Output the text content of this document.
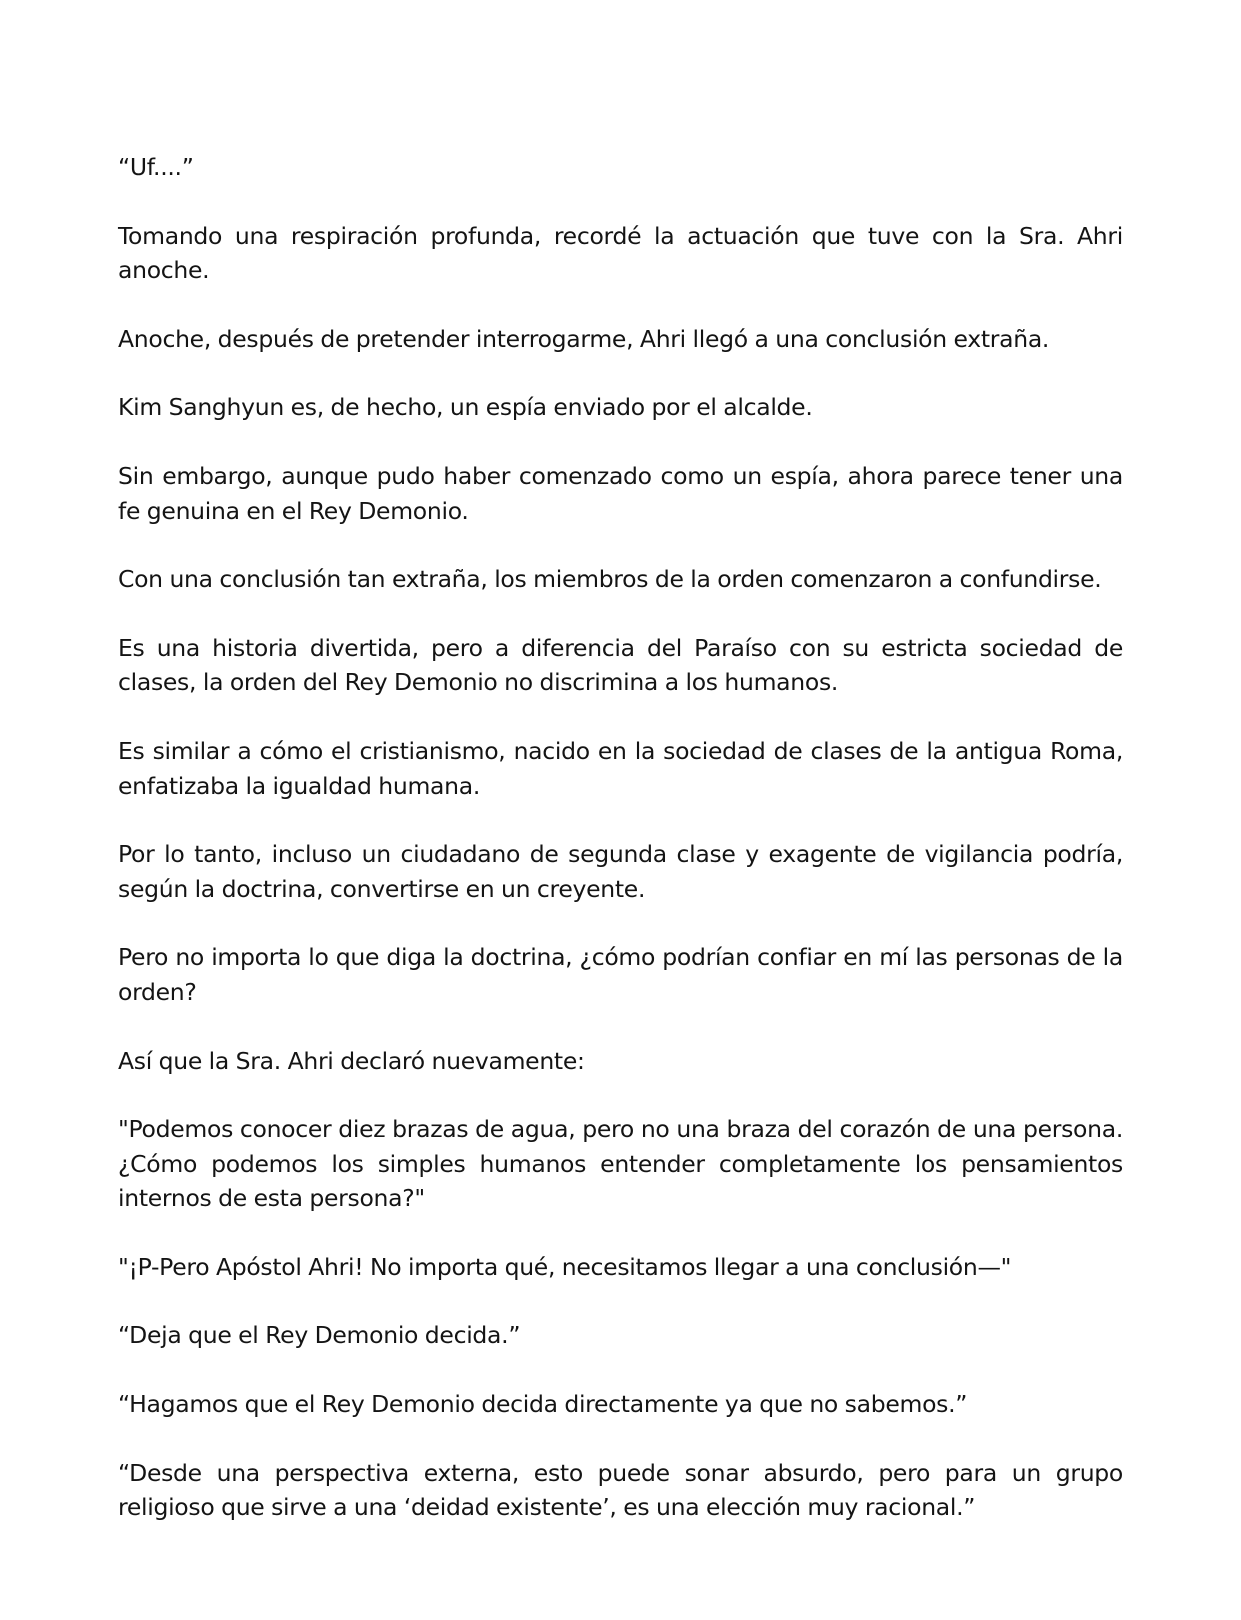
“Uf....”

Tomando una respiración profunda, recordé la actuación que tuve con la Sra. Ahri anoche.

Anoche, después de pretender interrogarme, Ahri llegó a una conclusión extraña.

Kim Sanghyun es, de hecho, un espía enviado por el alcalde.

Sin embargo, aunque pudo haber comenzado como un espía, ahora parece tener una fe genuina en el Rey Demonio.

Con una conclusión tan extraña, los miembros de la orden comenzaron a confundirse.

Es una historia divertida, pero a diferencia del Paraíso con su estricta sociedad de clases, la orden del Rey Demonio no discrimina a los humanos.

Es similar a cómo el cristianismo, nacido en la sociedad de clases de la antigua Roma, enfatizaba la igualdad humana.

Por lo tanto, incluso un ciudadano de segunda clase y exagente de vigilancia podría, según la doctrina, convertirse en un creyente.

Pero no importa lo que diga la doctrina, ¿cómo podrían confiar en mí las personas de la orden?

Así que la Sra. Ahri declaró nuevamente:

"Podemos conocer diez brazas de agua, pero no una braza del corazón de una persona. ¿Cómo podemos los simples humanos entender completamente los pensamientos internos de esta persona?"

"¡P-Pero Apóstol Ahri! No importa qué, necesitamos llegar a una conclusión—"

“Deja que el Rey Demonio decida.”

“Hagamos que el Rey Demonio decida directamente ya que no sabemos.”

“Desde una perspectiva externa, esto puede sonar absurdo, pero para un grupo religioso que sirve a una ‘deidad existente’, es una elección muy racional.”
